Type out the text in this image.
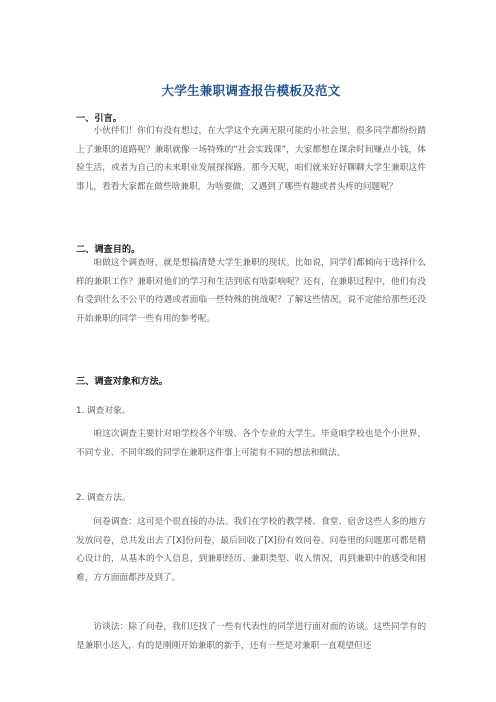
大学生兼职调查报告模板及范文
一、引言。

小伙伴们！你们有没有想过，在大学这个充满无限可能的小社会里，很多同学都纷纷踏上了兼职的道路呢？兼职就像一场特殊的“社会实践课”，大家都想在课余时间赚点小钱，体验生活，或者为自己的未来职业发展探探路。那今天呢，咱们就来好好聊聊大学生兼职这件事儿，看看大家都在做些啥兼职，为啥要做，又遇到了哪些有趣或者头疼的问题呢？

二、调查目的。

咱做这个调查呀，就是想搞清楚大学生兼职的现状。比如说，同学们都倾向于选择什么样的兼职工作？兼职对他们的学习和生活到底有啥影响呢？还有，在兼职过程中，他们有没有受到什么不公平的待遇或者面临一些特殊的挑战呢？了解这些情况，说不定能给那些还没开始兼职的同学一些有用的参考呢。

三、调查对象和方法。
1. 调查对象。

咱这次调查主要针对咱学校各个年级、各个专业的大学生。毕竟咱学校也是个小世界，不同专业、不同年级的同学在兼职这件事上可能有不同的想法和做法。

2. 调查方法。

问卷调查：这可是个很直接的办法。我们在学校的教学楼、食堂、宿舍这些人多的地方发放问卷，总共发出去了[X]份问卷，最后回收了[X]份有效问卷。问卷里的问题那可都是精心设计的，从基本的个人信息，到兼职经历、兼职类型、收入情况，再到兼职中的感受和困难，方方面面都涉及到了。

访谈法：除了问卷，我们还找了一些有代表性的同学进行面对面的访谈。这些同学有的是兼职小达人，有的是刚刚开始兼职的新手，还有一些是对兼职一直观望但还
